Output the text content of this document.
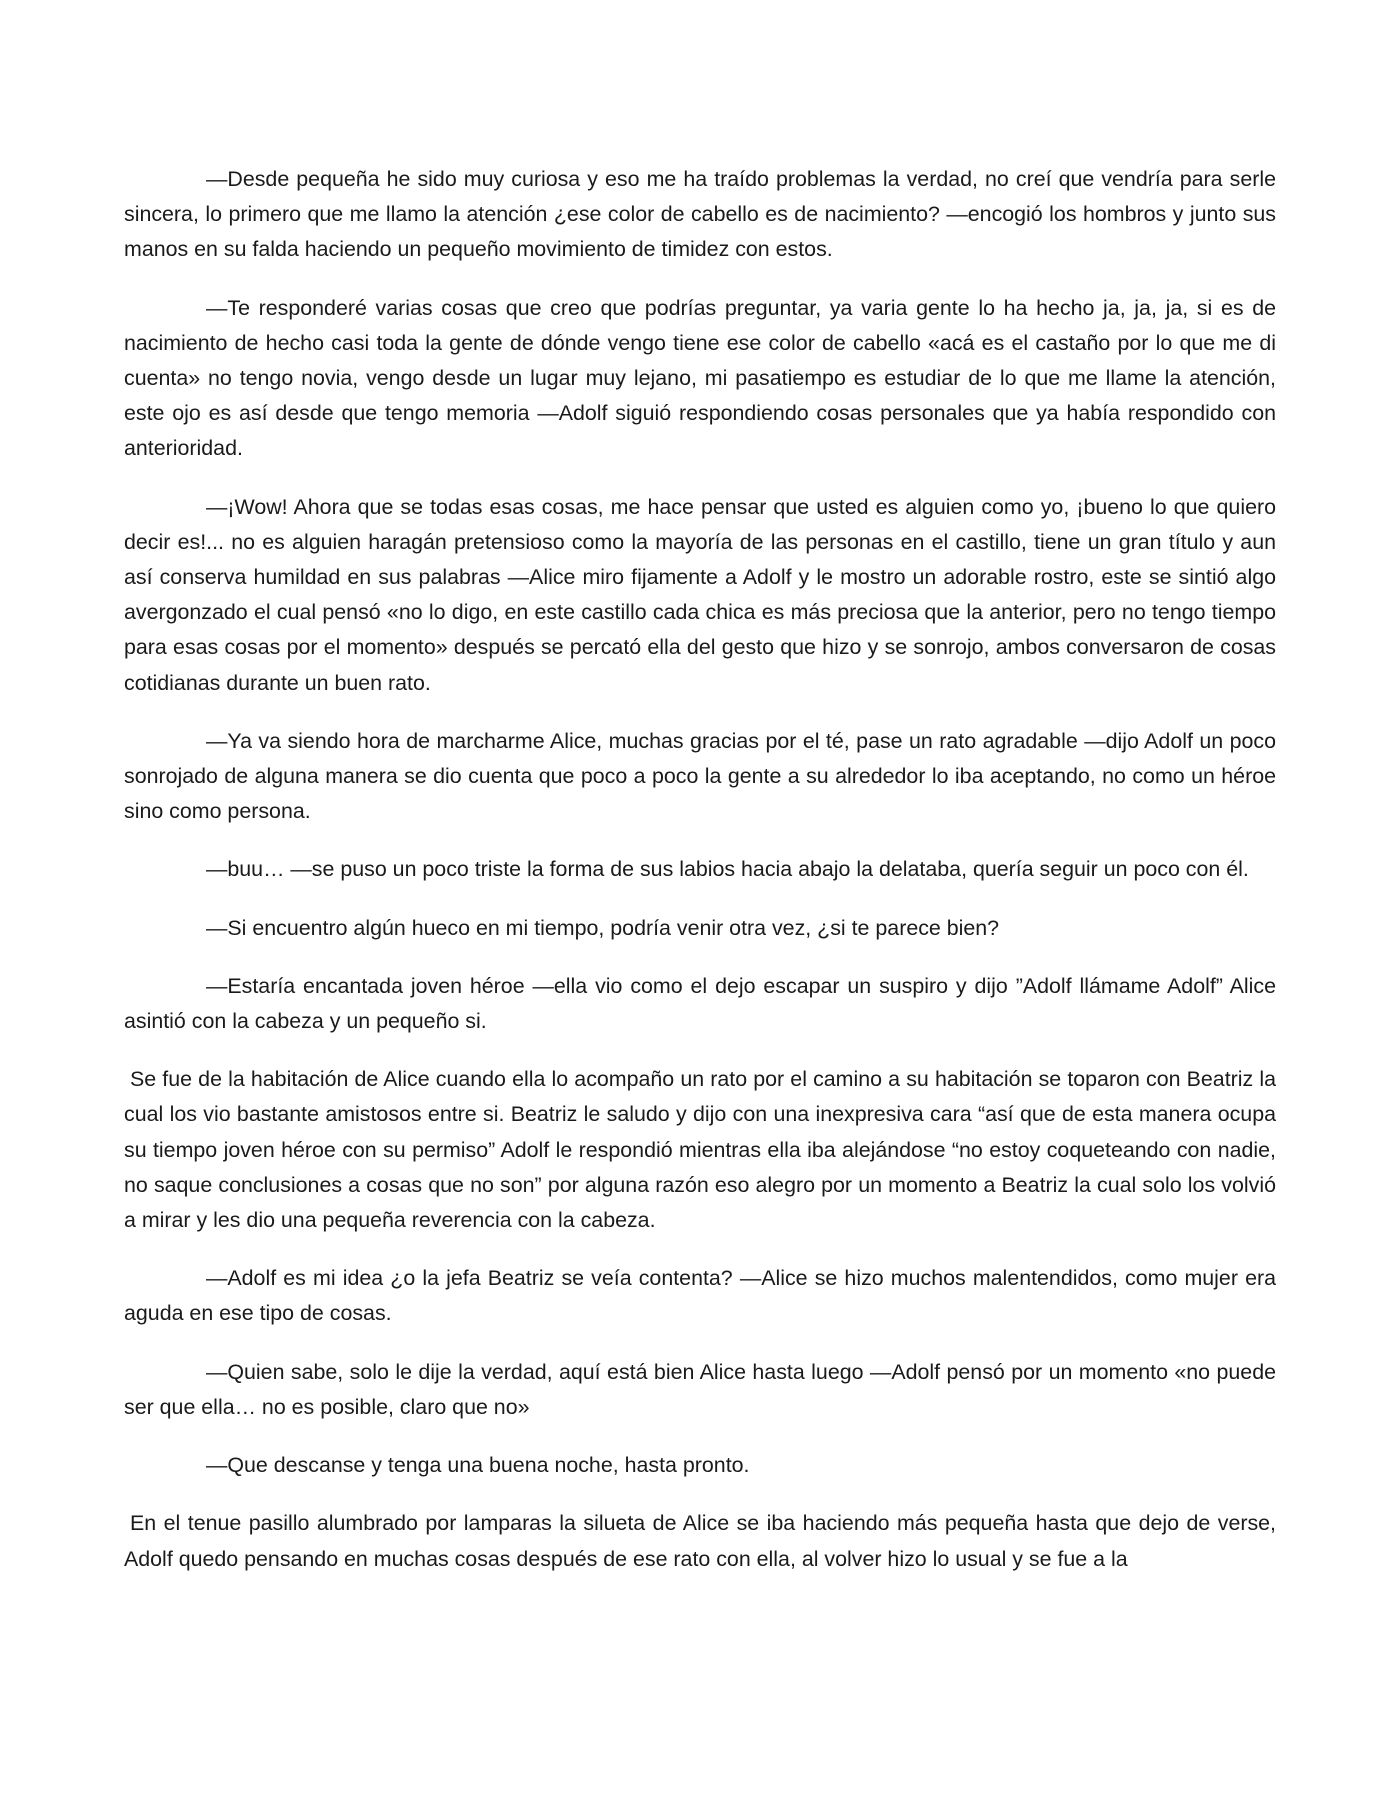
—Desde pequeña he sido muy curiosa y eso me ha traído problemas la verdad, no creí que vendría para serle sincera, lo primero que me llamo la atención ¿ese color de cabello es de nacimiento? —encogió los hombros y junto sus manos en su falda haciendo un pequeño movimiento de timidez con estos.

—Te responderé varias cosas que creo que podrías preguntar, ya varia gente lo ha hecho ja, ja, ja, si es de nacimiento de hecho casi toda la gente de dónde vengo tiene ese color de cabello «acá es el castaño por lo que me di cuenta» no tengo novia, vengo desde un lugar muy lejano, mi pasatiempo es estudiar de lo que me llame la atención, este ojo es así desde que tengo memoria —Adolf siguió respondiendo cosas personales que ya había respondido con anterioridad.

—¡Wow! Ahora que se todas esas cosas, me hace pensar que usted es alguien como yo, ¡bueno lo que quiero decir es!... no es alguien haragán pretensioso como la mayoría de las personas en el castillo, tiene un gran título y aun así conserva humildad en sus palabras —Alice miro fijamente a Adolf y le mostro un adorable rostro, este se sintió algo avergonzado el cual pensó «no lo digo, en este castillo cada chica es más preciosa que la anterior, pero no tengo tiempo para esas cosas por el momento» después se percató ella del gesto que hizo y se sonrojo, ambos conversaron de cosas cotidianas durante un buen rato.

—Ya va siendo hora de marcharme Alice, muchas gracias por el té, pase un rato agradable —dijo Adolf un poco sonrojado de alguna manera se dio cuenta que poco a poco la gente a su alrededor lo iba aceptando, no como un héroe sino como persona.

—buu… —se puso un poco triste la forma de sus labios hacia abajo la delataba, quería seguir un poco con él.

—Si encuentro algún hueco en mi tiempo, podría venir otra vez, ¿si te parece bien?

—Estaría encantada joven héroe —ella vio como el dejo escapar un suspiro y dijo ”Adolf llámame Adolf” Alice asintió con la cabeza y un pequeño si.

Se fue de la habitación de Alice cuando ella lo acompaño un rato por el camino a su habitación se toparon con Beatriz la cual los vio bastante amistosos entre si. Beatriz le saludo y dijo con una inexpresiva cara “así que de esta manera ocupa su tiempo joven héroe con su permiso” Adolf le respondió mientras ella iba alejándose “no estoy coqueteando con nadie, no saque conclusiones a cosas que no son” por alguna razón eso alegro por un momento a Beatriz la cual solo los volvió a mirar y les dio una pequeña reverencia con la cabeza.

—Adolf es mi idea ¿o la jefa Beatriz se veía contenta? —Alice se hizo muchos malentendidos, como mujer era aguda en ese tipo de cosas.

—Quien sabe, solo le dije la verdad, aquí está bien Alice hasta luego —Adolf pensó por un momento «no puede ser que ella… no es posible, claro que no»

—Que descanse y tenga una buena noche, hasta pronto.

En el tenue pasillo alumbrado por lamparas la silueta de Alice se iba haciendo más pequeña hasta que dejo de verse, Adolf quedo pensando en muchas cosas después de ese rato con ella, al volver hizo lo usual y se fue a la
